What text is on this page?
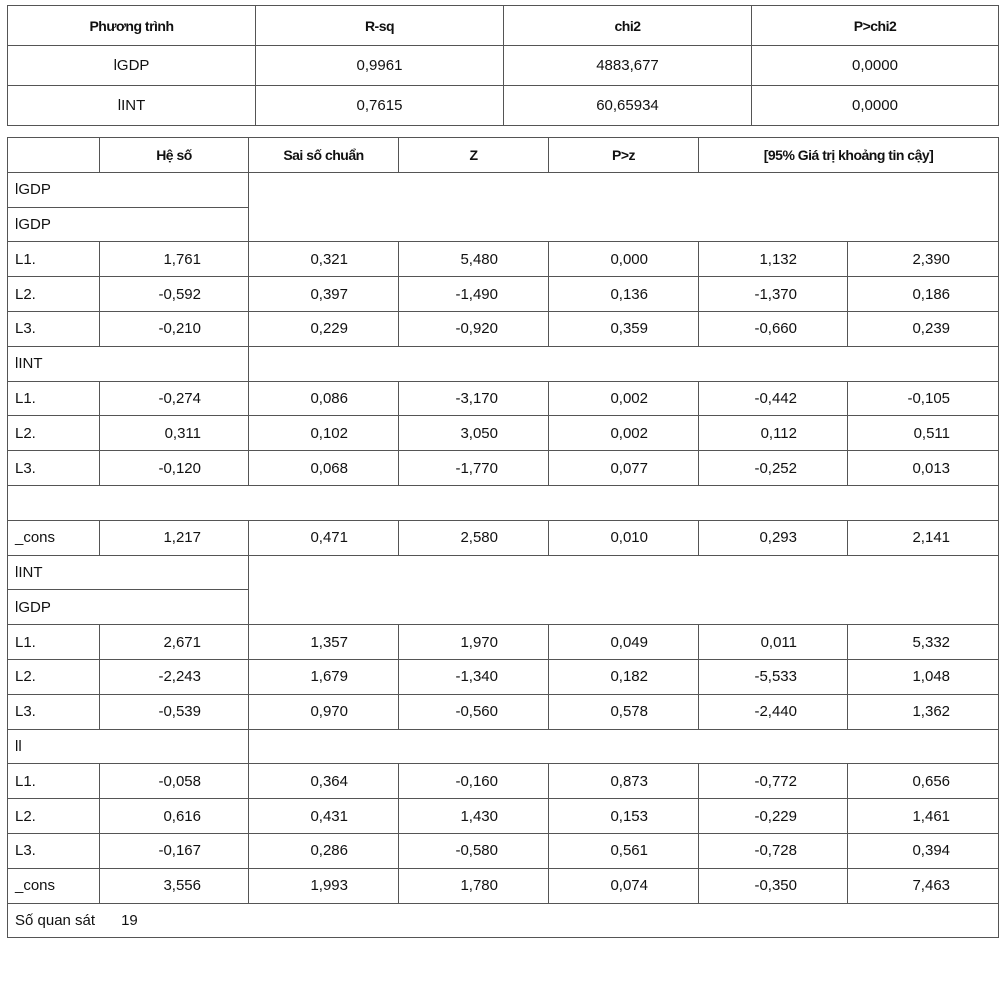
Phương trình	R-sq	chi2	P>chi2
lGDP	0,9961	4883,677	0,0000
lINT	0,7615	60,65934	0,0000
	Hệ số	Sai số chuẩn	Z	P>z	[95% Giá trị khoảng tin cậy]	
lGDP						
lGDP						
L1.	1,761	0,321	5,480	0,000	1,132	2,390
L2.	-0,592	0,397	-1,490	0,136	-1,370	0,186
L3.	-0,210	0,229	-0,920	0,359	-0,660	0,239
lINT						
L1.	-0,274	0,086	-3,170	0,002	-0,442	-0,105
L2.	0,311	0,102	3,050	0,002	0,112	0,511
L3.	-0,120	0,068	-1,770	0,077	-0,252	0,013

_cons	1,217	0,471	2,580	0,010	0,293	2,141
lINT						
lGDP						
L1.	2,671	1,357	1,970	0,049	0,011	5,332
L2.	-2,243	1,679	-1,340	0,182	-5,533	1,048
L3.	-0,539	0,970	-0,560	0,578	-2,440	1,362
ll						
L1.	-0,058	0,364	-0,160	0,873	-0,772	0,656
L2.	0,616	0,431	1,430	0,153	-0,229	1,461
L3.	-0,167	0,286	-0,580	0,561	-0,728	0,394
_cons	3,556	1,993	1,780	0,074	-0,350	7,463
Số quan sát 19						
